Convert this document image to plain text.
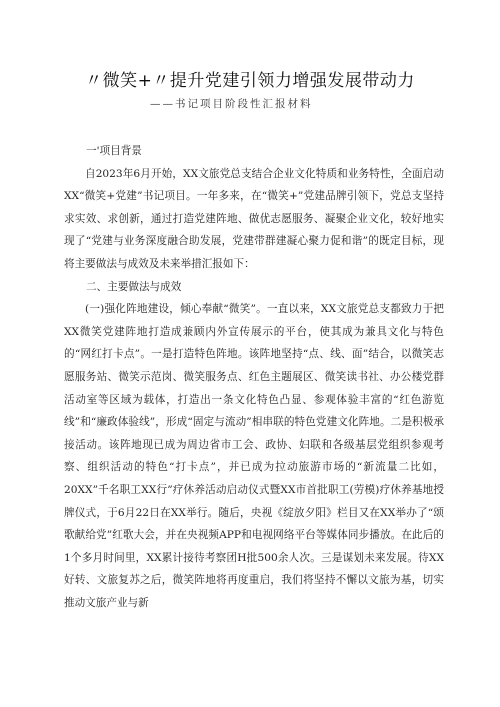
〃微笑+〃提升党建引领力增强发展带动力
——书记项目阶段性汇报材料

一'项目背景

自2023年6月开始，XX文旅党总支结合企业文化特质和业务特性，全面启动XX“微笑+党建”书记项目。一年多来，在“微笑+”党建品牌引领下，党总支坚持求实效、求创新，通过打造党建阵地、做优志愿服务、凝聚企业文化，较好地实现了“党建与业务深度融合助发展，党建带群建凝心聚力促和谐”的既定目标，现将主要做法与成效及未来举措汇报如下：

二、主要做法与成效

(一)强化阵地建设，倾心奉献“微笑”。一直以来，XX文旅党总支都致力于把XX微笑党建阵地打造成兼顾内外宣传展示的平台，使其成为兼具文化与特色的“网红打卡点”。一是打造特色阵地。该阵地坚持“点、线、面”结合，以微笑志愿服务站、微笑示范岗、微笑服务点、红色主题展区、微笑读书社、办公楼党群活动室等区域为载体，打造出一条文化特色凸显、参观体验丰富的“红色游览线”和“廉政体验线”，形成“固定与流动”相串联的特色党建文化阵地。二是积极承接活动。该阵地现已成为周边省市工会、政协、妇联和各级基层党组织参观考察、组织活动的特色“打卡点”，并已成为拉动旅游市场的“新流量二比如，20XX”千名职工XX行”疗休养活动启动仪式暨XX市首批职工(劳模)疗休养基地授牌仪式，于6月22日在XX举行。随后，央视《绽放夕阳》栏目又在XX举办了“颂歌献给党”红歌大会，并在央视频APP和电视网络平台等媒体同步播放。在此后的1个多月时间里，XX累计接待考察团H批500余人次。三是谋划未来发展。待XX好转、文旅复苏之后，微笑阵地将再度重启，我们将坚持不懈以文旅为基，切实推动文旅产业与新
